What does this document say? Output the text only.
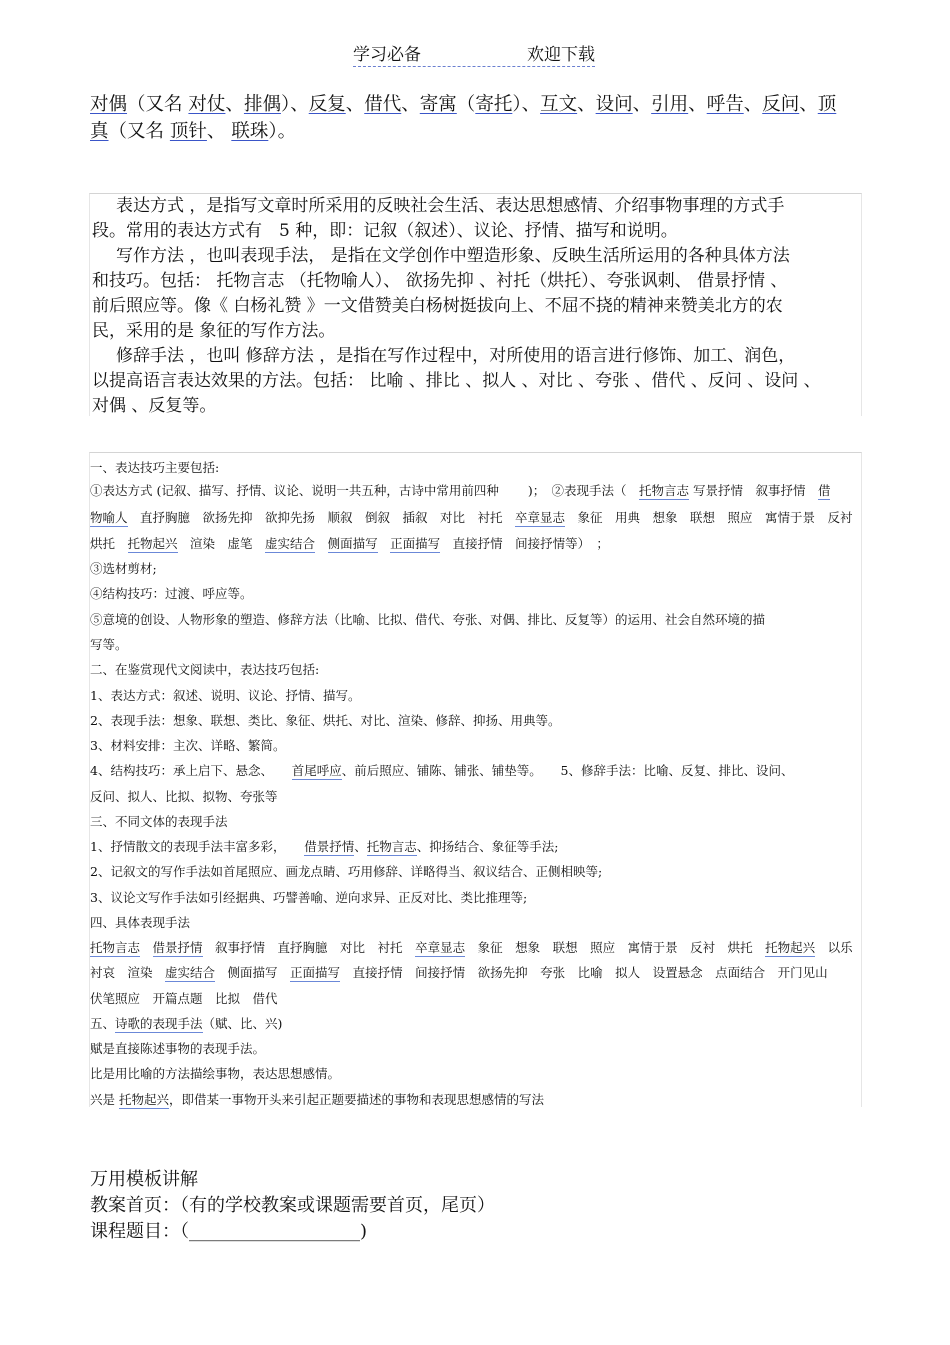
学习必备	欢迎下载
对偶（又名 对仗、排偶）、反复、借代、寄寓（寄托）、互文、设问、引用、呼告、反问、顶
真（又名 顶针、 联珠）。
表达方式 ，是指写文章时所采用的反映社会生活、表达思想感情、介绍事物事理的方式手
段。常用的表达方式有　5 种，即：记叙（叙述）、议论、抒情、描写和说明。
写作方法 ，也叫表现手法， 是指在文学创作中塑造形象、反映生活所运用的各种具体方法
和技巧。包括： 托物言志 （托物喻人）、 欲扬先抑 、衬托（烘托）、夸张讽刺、 借景抒情 、
前后照应等。像《 白杨礼赞 》一文借赞美白杨树挺拔向上、不屈不挠的精神来赞美北方的农
民，采用的是 象征的写作方法。
修辞手法 ，也叫 修辞方法 ，是指在写作过程中，对所使用的语言进行修饰、加工、润色，
以提高语言表达效果的方法。包括： 比喻 、排比 、拟人 、对比 、夸张 、借代 、反问 、设问 、
对偶 、反复等。
一、表达技巧主要包括:
①表达方式 (记叙、描写、抒情、议论、说明一共五种，古诗中常用前四种　　 )；　②表现手法（　托物言志 写景抒情　叙事抒情　借
物喻人　直抒胸臆　欲扬先抑　欲抑先扬　顺叙　倒叙　插叙　对比　衬托　卒章显志　象征　用典　想象　联想　照应　寓情于景　反衬
烘托　托物起兴　渲染　虚笔　虚实结合　 侧面描写　 正面描写　直接抒情　间接抒情等）　；
③选材剪材;
④结构技巧：过渡、呼应等。
⑤意境的创设、人物形象的塑造、修辞方法（比喻、比拟、借代、夸张、对偶、排比、反复等）的运用、社会自然环境的描
写等。
二、在鉴赏现代文阅读中，表达技巧包括:
1、表达方式：叙述、说明、议论、抒情、描写。
2、表现手法：想象、联想、类比、象征、烘托、对比、渲染、修辞、抑扬、用典等。
3、材料安排：主次、详略、繁简。
4、结构技巧：承上启下、悬念、　　首尾呼应、前后照应、铺陈、铺张、铺垫等。　　5、修辞手法：比喻、反复、排比、设问、
反问、拟人、比拟、拟物、夸张等
三、不同文体的表现手法
1、抒情散文的表现手法丰富多彩，　　借景抒情、托物言志、抑扬结合、象征等手法;
2、记叙文的写作手法如首尾照应、画龙点睛、巧用修辞、详略得当、叙议结合、正侧相映等;
3、议论文写作手法如引经据典、巧譬善喻、逆向求异、正反对比、类比推理等;
四、具体表现手法
托物言志　 借景抒情　叙事抒情　直抒胸臆　对比　衬托　卒章显志　象征　想象　联想　照应　寓情于景　反衬　烘托　托物起兴　以乐
衬哀　渲染　虚实结合　侧面描写　正面描写　直接抒情　间接抒情　欲扬先抑　夸张　比喻　拟人　设置悬念　点面结合　开门见山
伏笔照应　开篇点题　比拟　借代
五、诗歌的表现手法（赋、比、兴)
赋是直接陈述事物的表现手法。
比是用比喻的方法描绘事物，表达思想感情。
兴是 托物起兴，即借某一事物开头来引起正题要描述的事物和表现思想感情的写法
万用模板讲解
教案首页：（有的学校教案或课题需要首页，尾页）
课程题目：（___________________)
